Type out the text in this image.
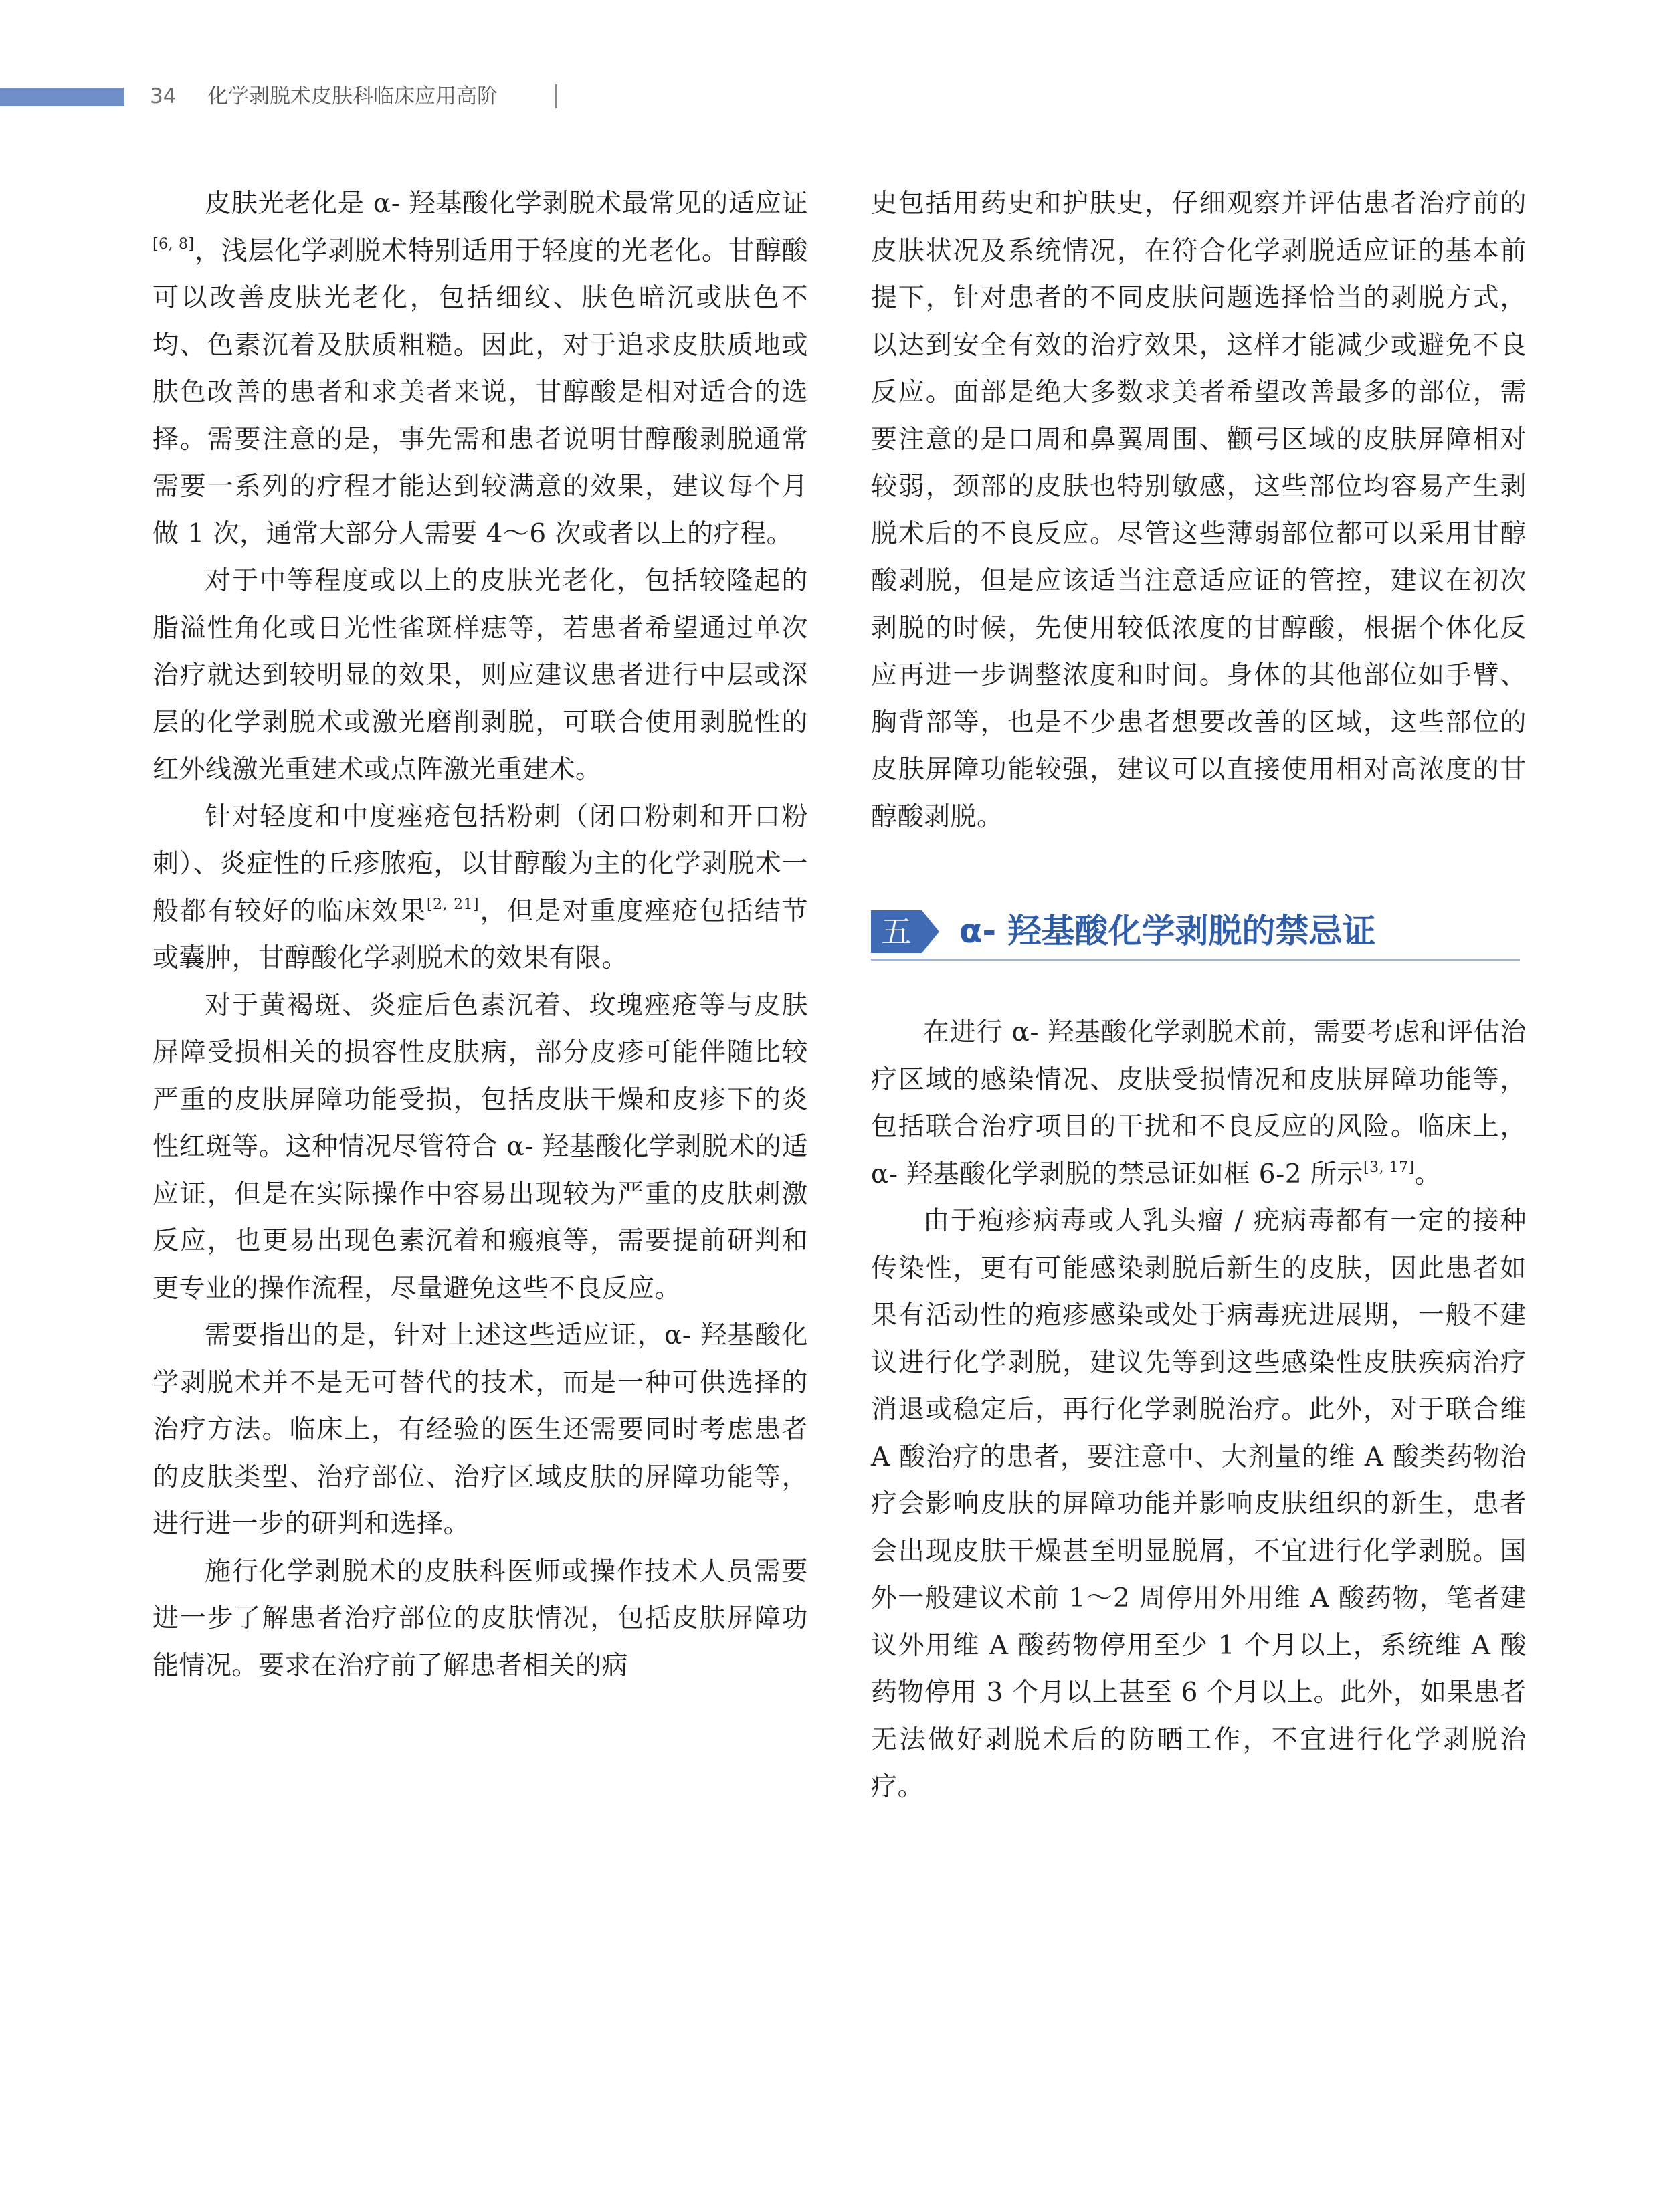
34 化学剥脱术皮肤科临床应用高阶

皮肤光老化是 α- 羟基酸化学剥脱术最常见的适应证[6, 8]，浅层化学剥脱术特别适用于轻度的光老化。甘醇酸可以改善皮肤光老化，包括细纹、肤色暗沉或肤色不均、色素沉着及肤质粗糙。因此，对于追求皮肤质地或肤色改善的患者和求美者来说，甘醇酸是相对适合的选择。需要注意的是，事先需和患者说明甘醇酸剥脱通常需要一系列的疗程才能达到较满意的效果，建议每个月做 1 次，通常大部分人需要 4～6 次或者以上的疗程。

对于中等程度或以上的皮肤光老化，包括较隆起的脂溢性角化或日光性雀斑样痣等，若患者希望通过单次治疗就达到较明显的效果，则应建议患者进行中层或深层的化学剥脱术或激光磨削剥脱，可联合使用剥脱性的红外线激光重建术或点阵激光重建术。

针对轻度和中度痤疮包括粉刺（闭口粉刺和开口粉刺）、炎症性的丘疹脓疱，以甘醇酸为主的化学剥脱术一般都有较好的临床效果[2, 21]，但是对重度痤疮包括结节或囊肿，甘醇酸化学剥脱术的效果有限。

对于黄褐斑、炎症后色素沉着、玫瑰痤疮等与皮肤屏障受损相关的损容性皮肤病，部分皮疹可能伴随比较严重的皮肤屏障功能受损，包括皮肤干燥和皮疹下的炎性红斑等。这种情况尽管符合 α- 羟基酸化学剥脱术的适应证，但是在实际操作中容易出现较为严重的皮肤刺激反应，也更易出现色素沉着和瘢痕等，需要提前研判和更专业的操作流程，尽量避免这些不良反应。

需要指出的是，针对上述这些适应证，α- 羟基酸化学剥脱术并不是无可替代的技术，而是一种可供选择的治疗方法。临床上，有经验的医生还需要同时考虑患者的皮肤类型、治疗部位、治疗区域皮肤的屏障功能等，进行进一步的研判和选择。

施行化学剥脱术的皮肤科医师或操作技术人员需要进一步了解患者治疗部位的皮肤情况，包括皮肤屏障功能情况。要求在治疗前了解患者相关的病

史包括用药史和护肤史，仔细观察并评估患者治疗前的皮肤状况及系统情况，在符合化学剥脱适应证的基本前提下，针对患者的不同皮肤问题选择恰当的剥脱方式，以达到安全有效的治疗效果，这样才能减少或避免不良反应。面部是绝大多数求美者希望改善最多的部位，需要注意的是口周和鼻翼周围、颧弓区域的皮肤屏障相对较弱，颈部的皮肤也特别敏感，这些部位均容易产生剥脱术后的不良反应。尽管这些薄弱部位都可以采用甘醇酸剥脱，但是应该适当注意适应证的管控，建议在初次剥脱的时候，先使用较低浓度的甘醇酸，根据个体化反应再进一步调整浓度和时间。身体的其他部位如手臂、胸背部等，也是不少患者想要改善的区域，这些部位的皮肤屏障功能较强，建议可以直接使用相对高浓度的甘醇酸剥脱。

五	α- 羟基酸化学剥脱的禁忌证

在进行 α- 羟基酸化学剥脱术前，需要考虑和评估治疗区域的感染情况、皮肤受损情况和皮肤屏障功能等，包括联合治疗项目的干扰和不良反应的风险。临床上，α- 羟基酸化学剥脱的禁忌证如框 6-2 所示[3, 17]。

由于疱疹病毒或人乳头瘤 / 疣病毒都有一定的接种传染性，更有可能感染剥脱后新生的皮肤，因此患者如果有活动性的疱疹感染或处于病毒疣进展期，一般不建议进行化学剥脱，建议先等到这些感染性皮肤疾病治疗消退或稳定后，再行化学剥脱治疗。此外，对于联合维 A 酸治疗的患者，要注意中、大剂量的维 A 酸类药物治疗会影响皮肤的屏障功能并影响皮肤组织的新生，患者会出现皮肤干燥甚至明显脱屑，不宜进行化学剥脱。国外一般建议术前 1～2 周停用外用维 A 酸药物，笔者建议外用维 A 酸药物停用至少 1 个月以上，系统维 A 酸药物停用 3 个月以上甚至 6 个月以上。此外，如果患者无法做好剥脱术后的防晒工作，不宜进行化学剥脱治疗。
